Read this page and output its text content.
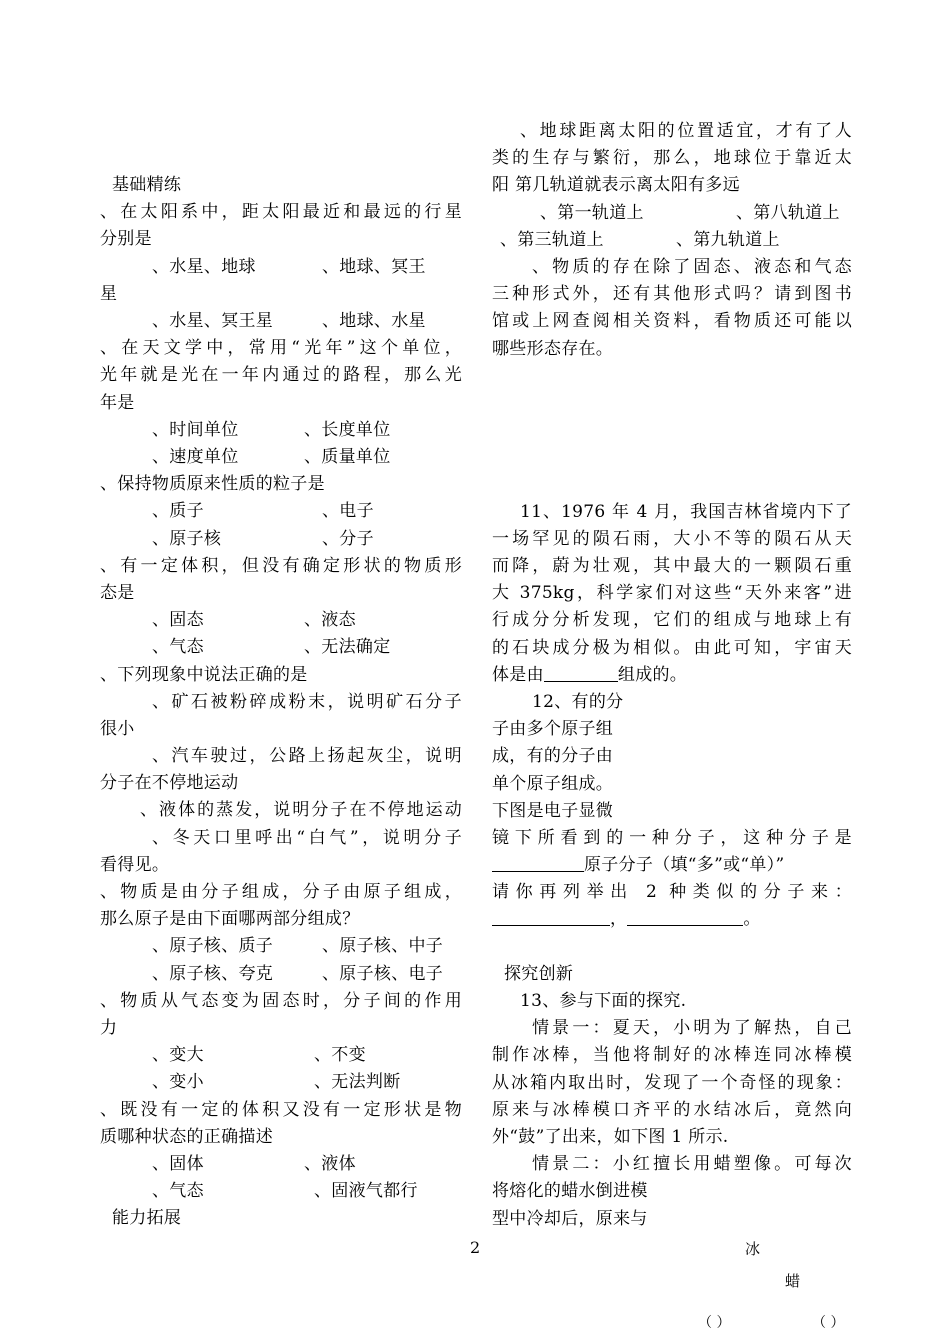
基础精练
、在太阳系中，距太阳最近和最远的行星
分别是
、水星、地球	、地球、冥王
星
、水星、冥王星	、地球、水星
、在天文学中，常用“光年”这个单位，
光年就是光在一年内通过的路程，那么光
年是
、时间单位	、长度单位
、速度单位	、质量单位
、保持物质原来性质的粒子是
、质子	、电子
、原子核	、分子
、有一定体积，但没有确定形状的物质形
态是
、固态	、液态
、气态	、无法确定
、下列现象中说法正确的是
、矿石被粉碎成粉末，说明矿石分子
很小
、汽车驶过，公路上扬起灰尘，说明
分子在不停地运动
、液体的蒸发，说明分子在不停地运动
、冬天口里呼出“白气”，说明分子
看得见。
、物质是由分子组成，分子由原子组成，
那么原子是由下面哪两部分组成？
、原子核、质子	、原子核、中子
、原子核、夸克	、原子核、电子
、物质从气态变为固态时，分子间的作用
力
、变大	、不变
、变小	、无法判断
、既没有一定的体积又没有一定形状是物
质哪种状态的正确描述
、固体	、液体
、气态	、固液气都行
能力拓展
、地球距离太阳的位置适宜，才有了人
类的生存与繁衍，那么，地球位于靠近太
阳 第几轨道就表示离太阳有多远
、第一轨道上	、第八轨道上
、第三轨道上	、第九轨道上
、物质的存在除了固态、液态和气态
三种形式外，还有其他形式吗？请到图书
馆或上网查阅相关资料，看物质还可能以
哪些形态存在。
11、1976 年 4 月，我国吉林省境内下了
一场罕见的陨石雨，大小不等的陨石从天
而降，蔚为壮观，其中最大的一颗陨石重
大 375kg，科学家们对这些“天外来客”进
行成分分析发现，它们的组成与地球上有
的石块成分极为相似。由此可知，宇宙天
体是由	组成的。
12、有的分
子由多个原子组
成，有的分子由
单个原子组成。
下图是电子显微
镜下所看到的一种分子，这种分子是
原子分子（填“多”或“单）”
请你再列举出 2 种类似的分子来：
，	。
探究创新
13、参与下面的探究.
情景一：夏天，小明为了解热，自己
制作冰棒，当他将制好的冰棒连同冰棒模
从冰箱内取出时，发现了一个奇怪的现象：
原来与冰棒模口齐平的水结冰后，竟然向
外“鼓”了出来，如下图 1 所示.
情景二：小红擅长用蜡塑像。可每次
将熔化的蜡水倒进模
型中冷却后，原来与
2	冰
蜡
（ ）	（ ）
